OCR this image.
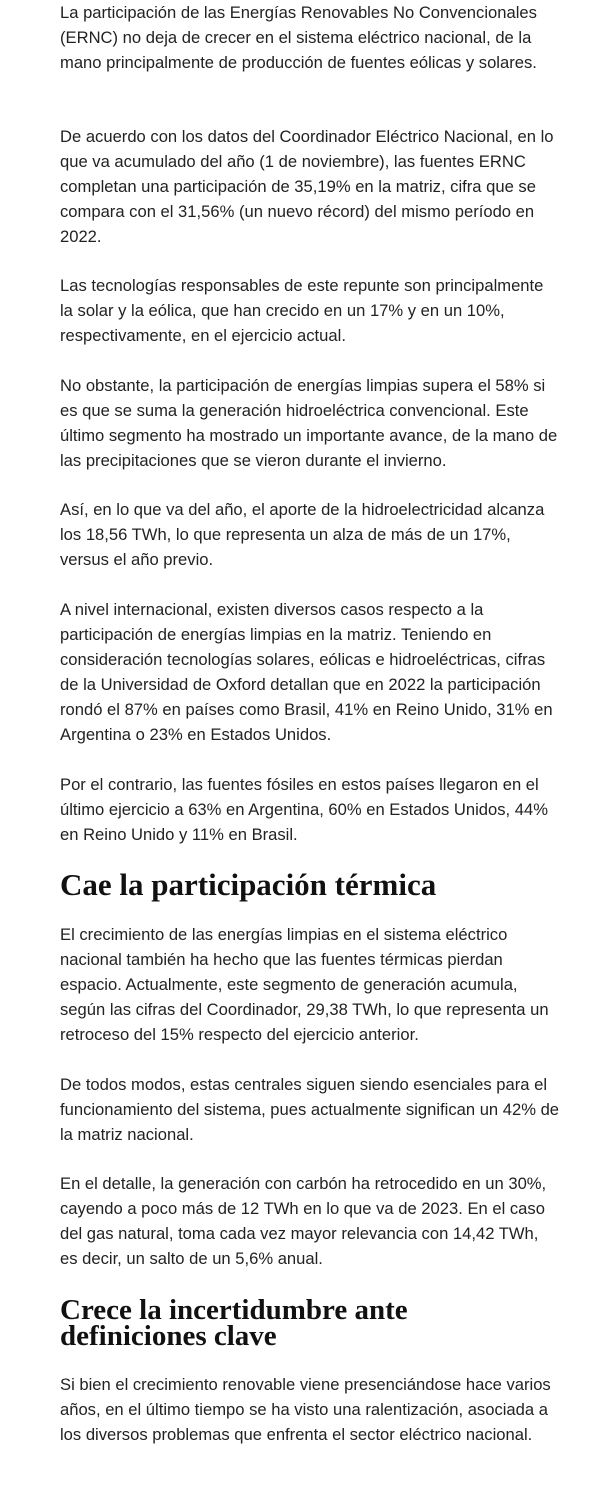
La participación de las Energías Renovables No Convencionales (ERNC) no deja de crecer en el sistema eléctrico nacional, de la mano principalmente de producción de fuentes eólicas y solares.

De acuerdo con los datos del Coordinador Eléctrico Nacional, en lo que va acumulado del año (1 de noviembre), las fuentes ERNC completan una participación de 35,19% en la matriz, cifra que se compara con el 31,56% (un nuevo récord) del mismo período en 2022.

Las tecnologías responsables de este repunte son principalmente la solar y la eólica, que han crecido en un 17% y en un 10%, respectivamente, en el ejercicio actual.

No obstante, la participación de energías limpias supera el 58% si es que se suma la generación hidroeléctrica convencional. Este último segmento ha mostrado un importante avance, de la mano de las precipitaciones que se vieron durante el invierno.

Así, en lo que va del año, el aporte de la hidroelectricidad alcanza los 18,56 TWh, lo que representa un alza de más de un 17%, versus el año previo.

A nivel internacional, existen diversos casos respecto a la participación de energías limpias en la matriz. Teniendo en consideración tecnologías solares, eólicas e hidroeléctricas, cifras de la Universidad de Oxford detallan que en 2022 la participación rondó el 87% en países como Brasil, 41% en Reino Unido, 31% en Argentina o 23% en Estados Unidos.

Por el contrario, las fuentes fósiles en estos países llegaron en el último ejercicio a 63% en Argentina, 60% en Estados Unidos, 44% en Reino Unido y 11% en Brasil.

Cae la participación térmica

El crecimiento de las energías limpias en el sistema eléctrico nacional también ha hecho que las fuentes térmicas pierdan espacio. Actualmente, este segmento de generación acumula, según las cifras del Coordinador, 29,38 TWh, lo que representa un retroceso del 15% respecto del ejercicio anterior.

De todos modos, estas centrales siguen siendo esenciales para el funcionamiento del sistema, pues actualmente significan un 42% de la matriz nacional.

En el detalle, la generación con carbón ha retrocedido en un 30%, cayendo a poco más de 12 TWh en lo que va de 2023. En el caso del gas natural, toma cada vez mayor relevancia con 14,42 TWh, es decir, un salto de un 5,6% anual.

Crece la incertidumbre ante definiciones clave

Si bien el crecimiento renovable viene presenciándose hace varios años, en el último tiempo se ha visto una ralentización, asociada a los diversos problemas que enfrenta el sector eléctrico nacional.
